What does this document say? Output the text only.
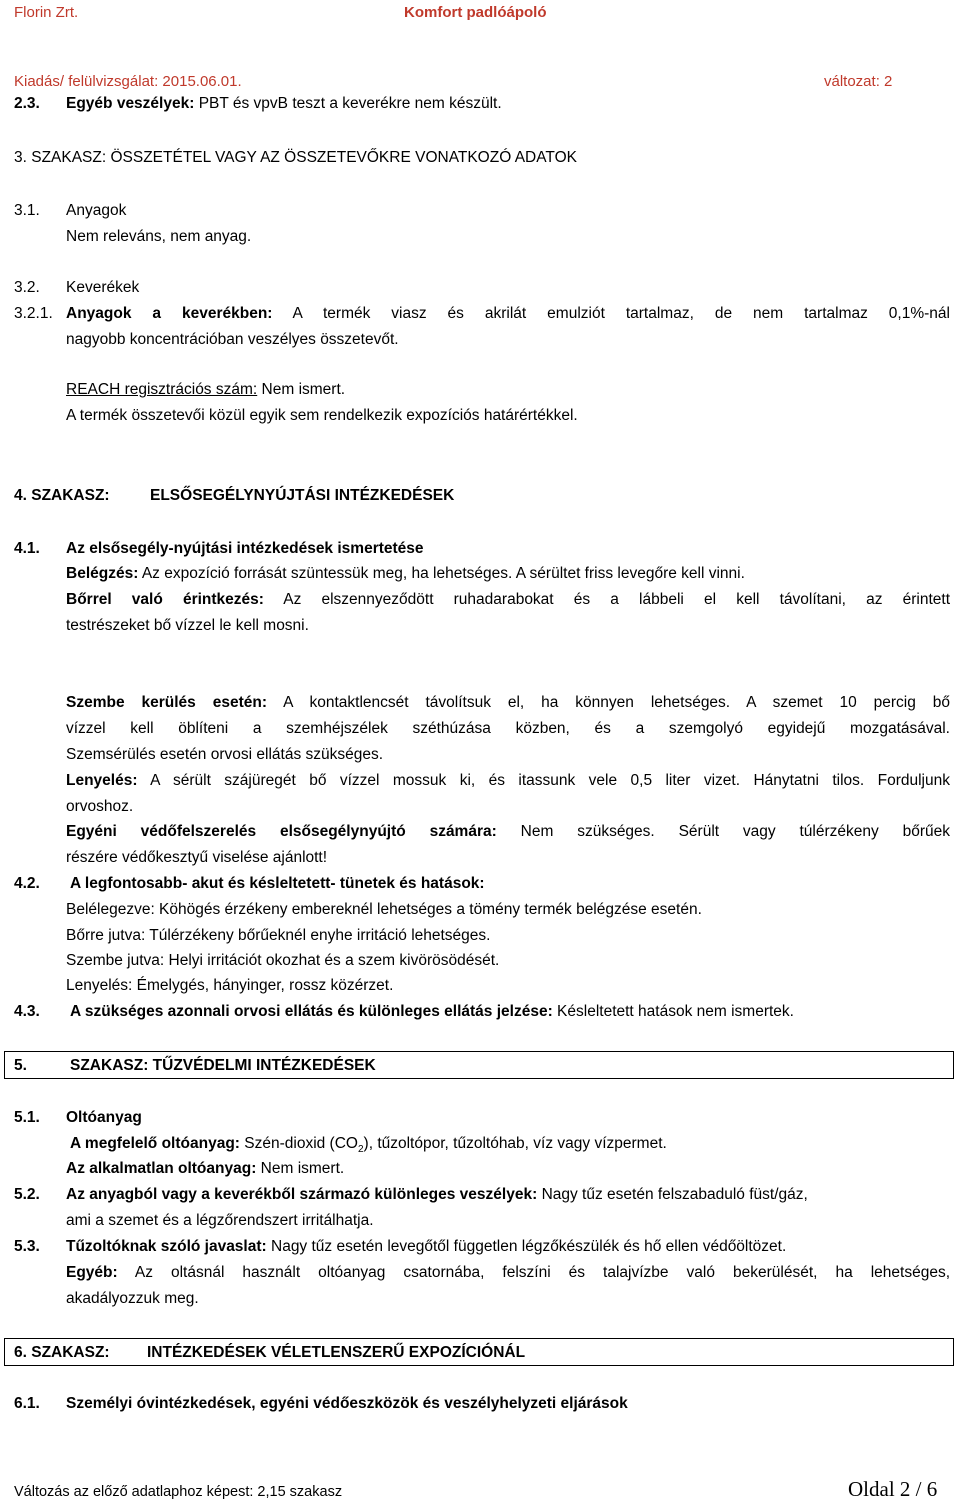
Florin Zrt.	Komfort padlóápoló
Kiadás/ felülvizsgálat: 2015.06.01.	változat: 2
2.3. Egyéb veszélyek: PBT és vpvB teszt a keverékre nem készült.
3. SZAKASZ: ÖSSZETÉTEL VAGY AZ ÖSSZETEVŐKRE VONATKOZÓ ADATOK
3.1. Anyagok
Nem releváns, nem anyag.
3.2. Keverékek
3.2.1. Anyagok a keverékben: A termék viasz és akrilát emulziót tartalmaz, de nem tartalmaz 0,1%-nál
nagyobb koncentrációban veszélyes összetevőt.
REACH regisztrációs szám: Nem ismert.
A termék összetevői közül egyik sem rendelkezik expozíciós határértékkel.
4. SZAKASZ:	ELSŐSEGÉLYNYÚJTÁSI INTÉZKEDÉSEK
4.1. Az elsősegély-nyújtási intézkedések ismertetése
Belégzés: Az expozíció forrását szüntessük meg, ha lehetséges. A sérültet friss levegőre kell vinni.
Bőrrel való érintkezés: Az elszennyeződött ruhadarabokat és a lábbeli el kell távolítani, az érintett
testrészeket bő vízzel le kell mosni.
Szembe kerülés esetén: A kontaktlencsét távolítsuk el, ha könnyen lehetséges. A szemet 10 percig bő
vízzel kell öblíteni a szemhéjszélek széthúzása közben, és a szemgolyó egyidejű mozgatásával.
Szemsérülés esetén orvosi ellátás szükséges.
Lenyelés: A sérült szájüregét bő vízzel mossuk ki, és itassunk vele 0,5 liter vizet. Hánytatni tilos. Forduljunk
orvoshoz.
Egyéni védőfelszerelés elsősegélynyújtó számára: Nem szükséges. Sérült vagy túlérzékeny bőrűek
részére védőkesztyű viselése ajánlott!
4.2. A legfontosabb- akut és késleltetett- tünetek és hatások:
Belélegezve: Köhögés érzékeny embereknél lehetséges a tömény termék belégzése esetén.
Bőrre jutva: Túlérzékeny bőrűeknél enyhe irritáció lehetséges.
Szembe jutva: Helyi irritációt okozhat és a szem kivörösödését.
Lenyelés: Émelygés, hányinger, rossz közérzet.
4.3. A szükséges azonnali orvosi ellátás és különleges ellátás jelzése: Késleltetett hatások nem ismertek.
5.	SZAKASZ: TŰZVÉDELMI INTÉZKEDÉSEK
5.1. Oltóanyag
A megfelelő oltóanyag: Szén-dioxid $(CO_2)$, tűzoltópor, tűzoltóhab, víz vagy vízpermet.
Az alkalmatlan oltóanyag: Nem ismert.
5.2. Az anyagból vagy a keverékből származó különleges veszélyek: Nagy tűz esetén felszabaduló füst/gáz,
ami a szemet és a légzőrendszert irritálhatja.
5.3. Tűzoltóknak szóló javaslat: Nagy tűz esetén levegőtől független légzőkészülék és hő ellen védőöltözet.
Egyéb: Az oltásnál használt oltóanyag csatornába, felszíni és talajvízbe való bekerülését, ha lehetséges,
akadályozzuk meg.
6. SZAKASZ: INTÉZKEDÉSEK VÉLETLENSZERŰ EXPOZÍCIÓNÁL
6.1. Személyi óvintézkedések, egyéni védőeszközök és veszélyhelyzeti eljárások
Változás az előző adatlaphoz képest: 2,15 szakasz	Oldal 2 / 6
